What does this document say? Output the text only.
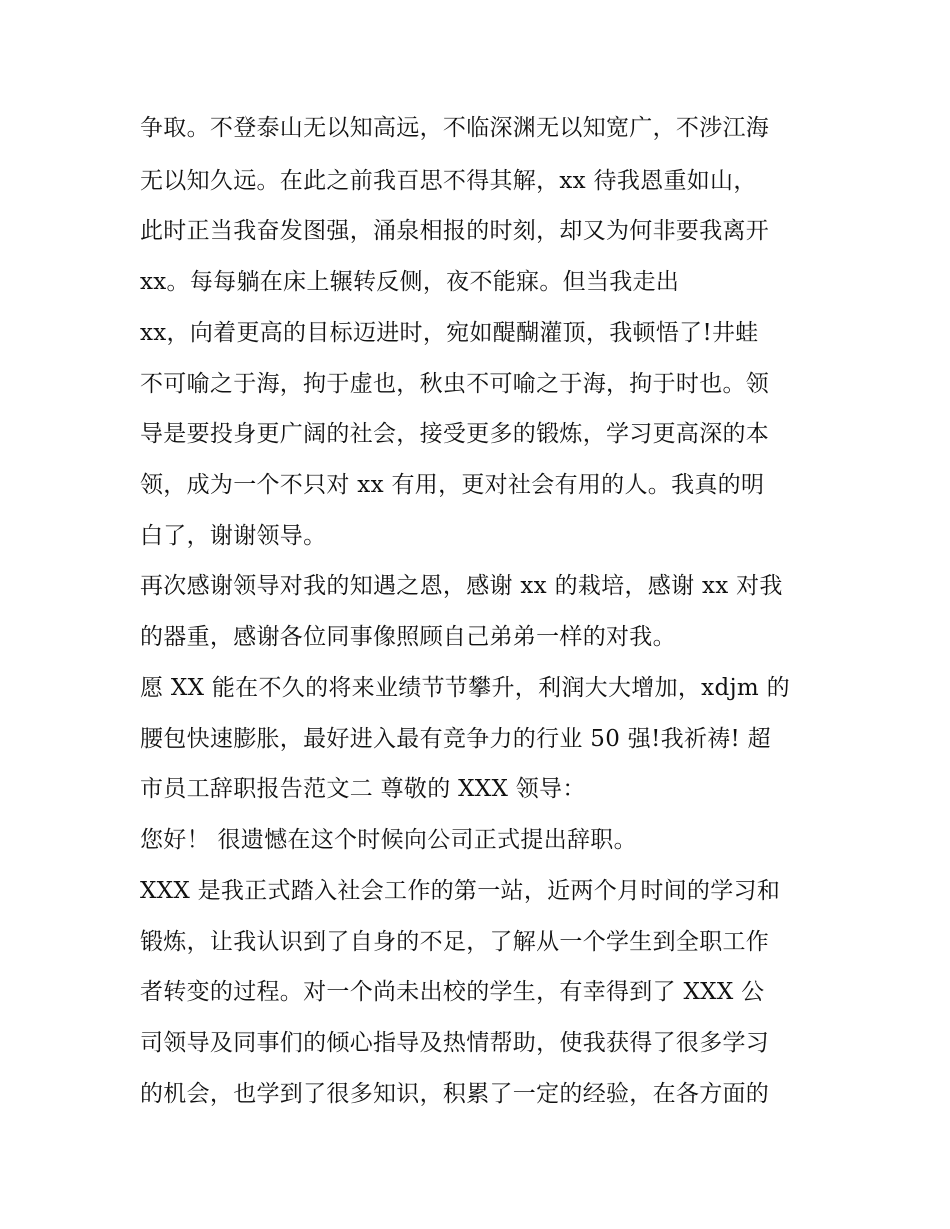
争取。不登泰山无以知高远，不临深渊无以知宽广，不涉江海
无以知久远。在此之前我百思不得其解，xx 待我恩重如山，
此时正当我奋发图强，涌泉相报的时刻，却又为何非要我离开
xx。每每躺在床上辗转反侧，夜不能寐。但当我走出
xx，向着更高的目标迈进时，宛如醍醐灌顶，我顿悟了!井蛙
不可喻之于海，拘于虚也，秋虫不可喻之于海，拘于时也。领
导是要投身更广阔的社会，接受更多的锻炼，学习更高深的本
领，成为一个不只对 xx 有用，更对社会有用的人。我真的明
白了，谢谢领导。
再次感谢领导对我的知遇之恩，感谢 xx 的栽培，感谢 xx 对我
的器重，感谢各位同事像照顾自己弟弟一样的对我。
愿 XX 能在不久的将来业绩节节攀升，利润大大增加，xdjm 的
腰包快速膨胀，最好进入最有竞争力的行业 50 强!我祈祷! 超
市员工辞职报告范文二 尊敬的 XXX 领导：
您好！ 很遗憾在这个时候向公司正式提出辞职。
XXX 是我正式踏入社会工作的第一站，近两个月时间的学习和
锻炼，让我认识到了自身的不足，了解从一个学生到全职工作
者转变的过程。对一个尚未出校的学生，有幸得到了 XXX 公
司领导及同事们的倾心指导及热情帮助，使我获得了很多学习
的机会，也学到了很多知识，积累了一定的经验，在各方面的
